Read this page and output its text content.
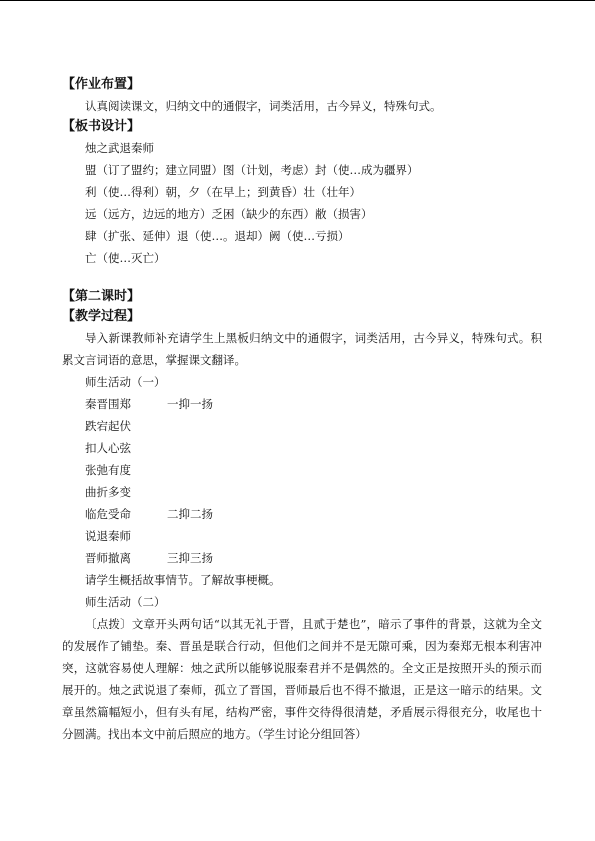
【作业布置】

认真阅读课文，归纳文中的通假字，词类活用，古今异义，特殊句式。

【板书设计】

烛之武退秦师

盟（订了盟约；建立同盟）图（计划，考虑）封（使…成为疆界）

利（使…得利）朝，夕（在早上；到黄昏）壮（壮年）

远（远方，边远的地方）乏困（缺少的东西）敝（损害）

肆（扩张、延伸）退（使…。退却）阙（使…亏损）

亡（使…灭亡）

【第二课时】

【教学过程】

导入新课教师补充请学生上黑板归纳文中的通假字，词类活用，古今异义，特殊句式。积累文言词语的意思，掌握课文翻译。

师生活动（一）

秦晋围郑	一抑一扬

跌宕起伏

扣人心弦

张弛有度

曲折多变

临危受命	二抑二扬

说退秦师

晋师撤离	三抑三扬

请学生概括故事情节。了解故事梗概。

师生活动（二）

〔点拨〕文章开头两句话“以其无礼于晋，且贰于楚也”，暗示了事件的背景，这就为全文的发展作了铺垫。秦、晋虽是联合行动，但他们之间并不是无隙可乘，因为秦郑无根本利害冲突，这就容易使人理解：烛之武所以能够说服秦君并不是偶然的。全文正是按照开头的预示而展开的。烛之武说退了秦师，孤立了晋国，晋师最后也不得不撤退，正是这一暗示的结果。文章虽然篇幅短小，但有头有尾，结构严密，事件交待得很清楚，矛盾展示得很充分，收尾也十分圆满。找出本文中前后照应的地方。（学生讨论分组回答）
